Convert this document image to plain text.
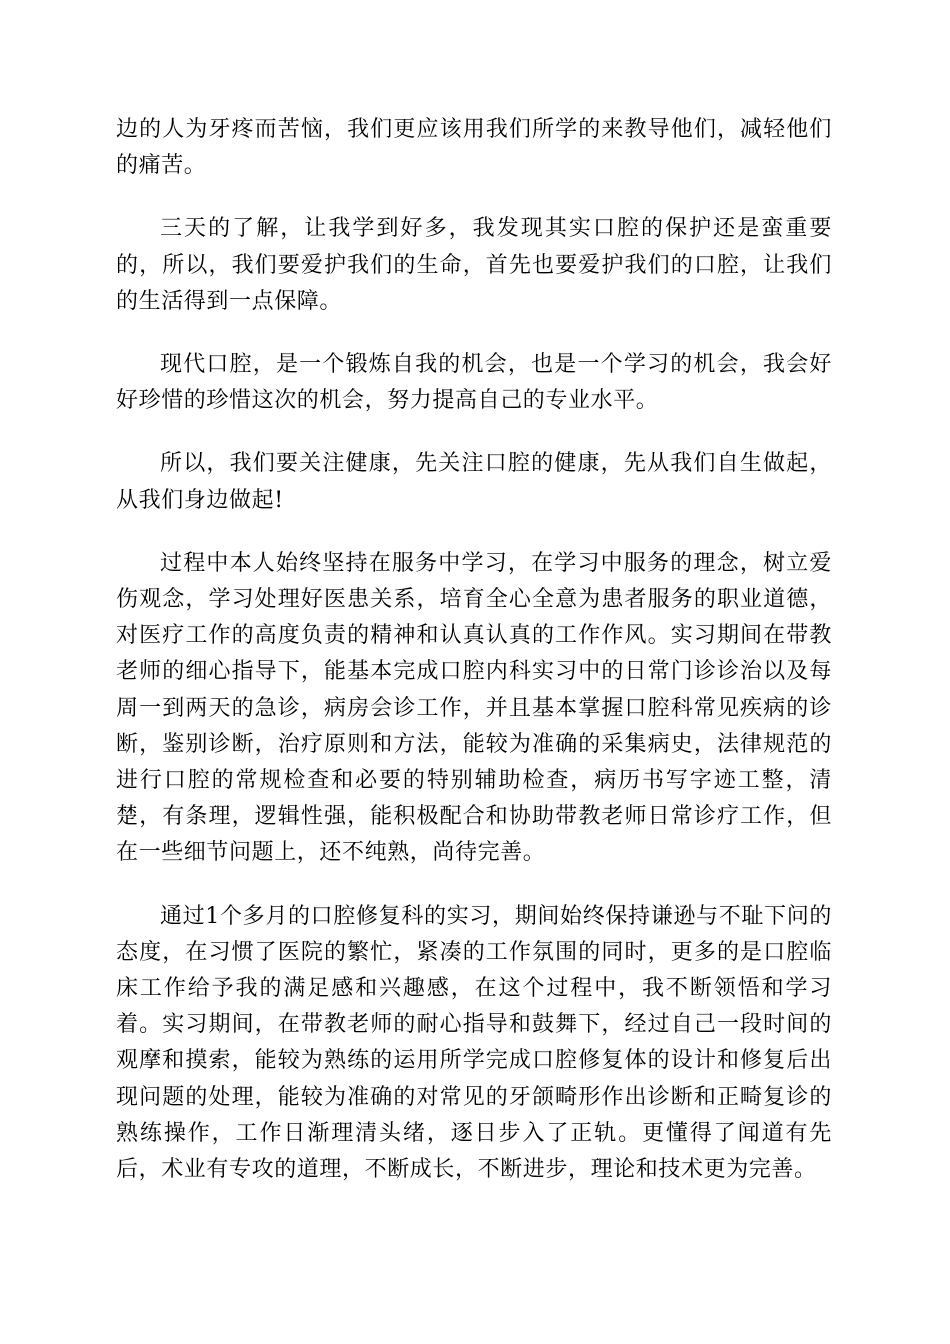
边的人为牙疼而苦恼，我们更应该用我们所学的来教导他们，减轻他们的痛苦。

三天的了解，让我学到好多，我发现其实口腔的保护还是蛮重要的，所以，我们要爱护我们的生命，首先也要爱护我们的口腔，让我们的生活得到一点保障。

现代口腔，是一个锻炼自我的机会，也是一个学习的机会，我会好好珍惜的珍惜这次的机会，努力提高自己的专业水平。

所以，我们要关注健康，先关注口腔的健康，先从我们自生做起，从我们身边做起!

过程中本人始终坚持在服务中学习，在学习中服务的理念，树立爱伤观念，学习处理好医患关系，培育全心全意为患者服务的职业道德，对医疗工作的高度负责的精神和认真认真的工作作风。实习期间在带教老师的细心指导下，能基本完成口腔内科实习中的日常门诊诊治以及每周一到两天的急诊，病房会诊工作，并且基本掌握口腔科常见疾病的诊断，鉴别诊断，治疗原则和方法，能较为准确的采集病史，法律规范的进行口腔的常规检查和必要的特别辅助检查，病历书写字迹工整，清楚，有条理，逻辑性强，能积极配合和协助带教老师日常诊疗工作，但在一些细节问题上，还不纯熟，尚待完善。

通过1个多月的口腔修复科的实习，期间始终保持谦逊与不耻下问的态度，在习惯了医院的繁忙，紧凑的工作氛围的同时，更多的是口腔临床工作给予我的满足感和兴趣感，在这个过程中，我不断领悟和学习着。实习期间，在带教老师的耐心指导和鼓舞下，经过自己一段时间的观摩和摸索，能较为熟练的运用所学完成口腔修复体的设计和修复后出现问题的处理，能较为准确的对常见的牙颌畸形作出诊断和正畸复诊的熟练操作，工作日渐理清头绪，逐日步入了正轨。更懂得了闻道有先后，术业有专攻的道理，不断成长，不断进步，理论和技术更为完善。
